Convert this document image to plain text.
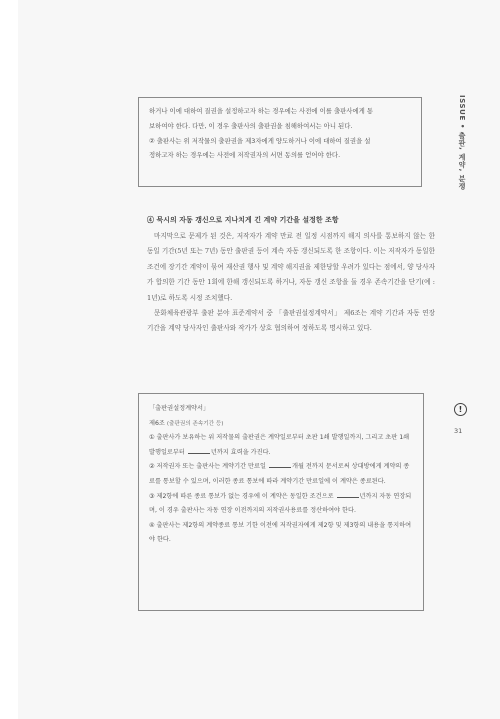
ISSUE • 출판, 계약, 분쟁

하거나 이에 대하여 질권을 설정하고자 하는 경우에는 사전에 이를 출판사에게 통

보하여야 한다. 다만, 이 경우 출판사의 출판권을 침해하여서는 아니 된다.

② 출판사는 위 저작물의 출판권을 제3자에게 양도하거나 이에 대하여 질권을 설

정하고자 하는 경우에는 사전에 저작권자의 서면 동의를 얻어야 한다.

④ 묵시의 자동 갱신으로 지나치게 긴 계약 기간을 설정한 조항

마지막으로 문제가 된 것은, 저작자가 계약 만료 전 일정 시점까지 해지 의사를 통보하지 않는 한 동일 기간(5년 또는 7년) 동안 출판권 등이 계속 자동 갱신되도록 한 조항이다. 이는 저작자가 동일한 조건에 장기간 계약이 묶여 재산권 행사 및 계약 해지권을 제한당할 우려가 있다는 점에서, 양 당사자가 합의한 기간 동안 1회에 한해 갱신되도록 하거나, 자동 갱신 조항을 둘 경우 존속기간을 단기(예 : 1년)로 하도록 시정 조치했다.

문화체육관광부 출판 분야 표준계약서 중 「출판권설정계약서」 제6조는 계약 기간과 자동 연장 기간을 계약 당사자인 출판사와 작가가 상호 협의하여 정하도록 명시하고 있다.

「출판권설정계약서」

제6조 (출판권의 존속기간 등)

① 출판사가 보유하는 위 저작물의 출판권은 계약일로부터 초판 1쇄 발행일까지, 그리고 초판 1쇄 발행일로부터	년까지 효력을 가진다.

② 저작권자 또는 출판사는 계약기간 만료일	개월 전까지 문서로써 상대방에게 계약의 종료를 통보할 수 있으며, 이러한 종료 통보에 따라 계약기간 만료일에 이 계약은 종료된다.

③ 제2항에 따른 종료 통보가 없는 경우에 이 계약은 동일한 조건으로	년까지 자동 연장되며, 이 경우 출판사는 자동 연장 이전까지의 저작권사용료를 정산하여야 한다.

④ 출판사는 제2항의 계약종료 통보 기한 이전에 저작권자에게 제2항 및 제3항의 내용을 통지하여야 한다.

!
31
